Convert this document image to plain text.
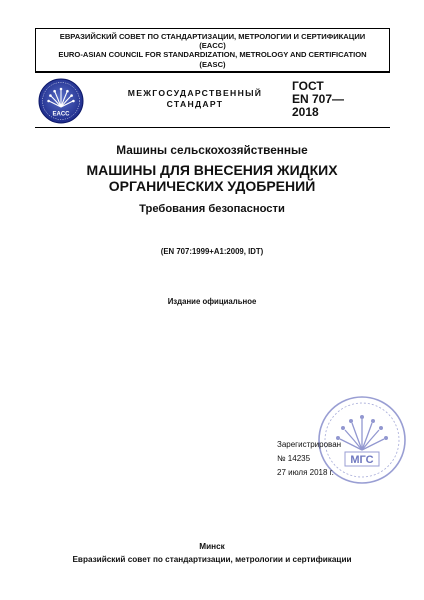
ЕВРАЗИЙСКИЙ СОВЕТ ПО СТАНДАРТИЗАЦИИ, МЕТРОЛОГИИ И СЕРТИФИКАЦИИ
(EACC)
EURO-ASIAN COUNCIL FOR STANDARDIZATION, METROLOGY AND CERTIFICATION
(EASC)
EACC
МЕЖГОСУДАРСТВЕННЫЙ
СТАНДАРТ
ГОСТ
EN 707—
2018
Машины сельскохозяйственные
МАШИНЫ ДЛЯ ВНЕСЕНИЯ ЖИДКИХ
ОРГАНИЧЕСКИХ УДОБРЕНИЙ
Требования безопасности
(EN 707:1999+A1:2009, IDT)
Издание официальное
МГС
Зарегистрирован
№ 14235
27 июля 2018 г.
Минск
Евразийский совет по стандартизации, метрологии и сертификации
